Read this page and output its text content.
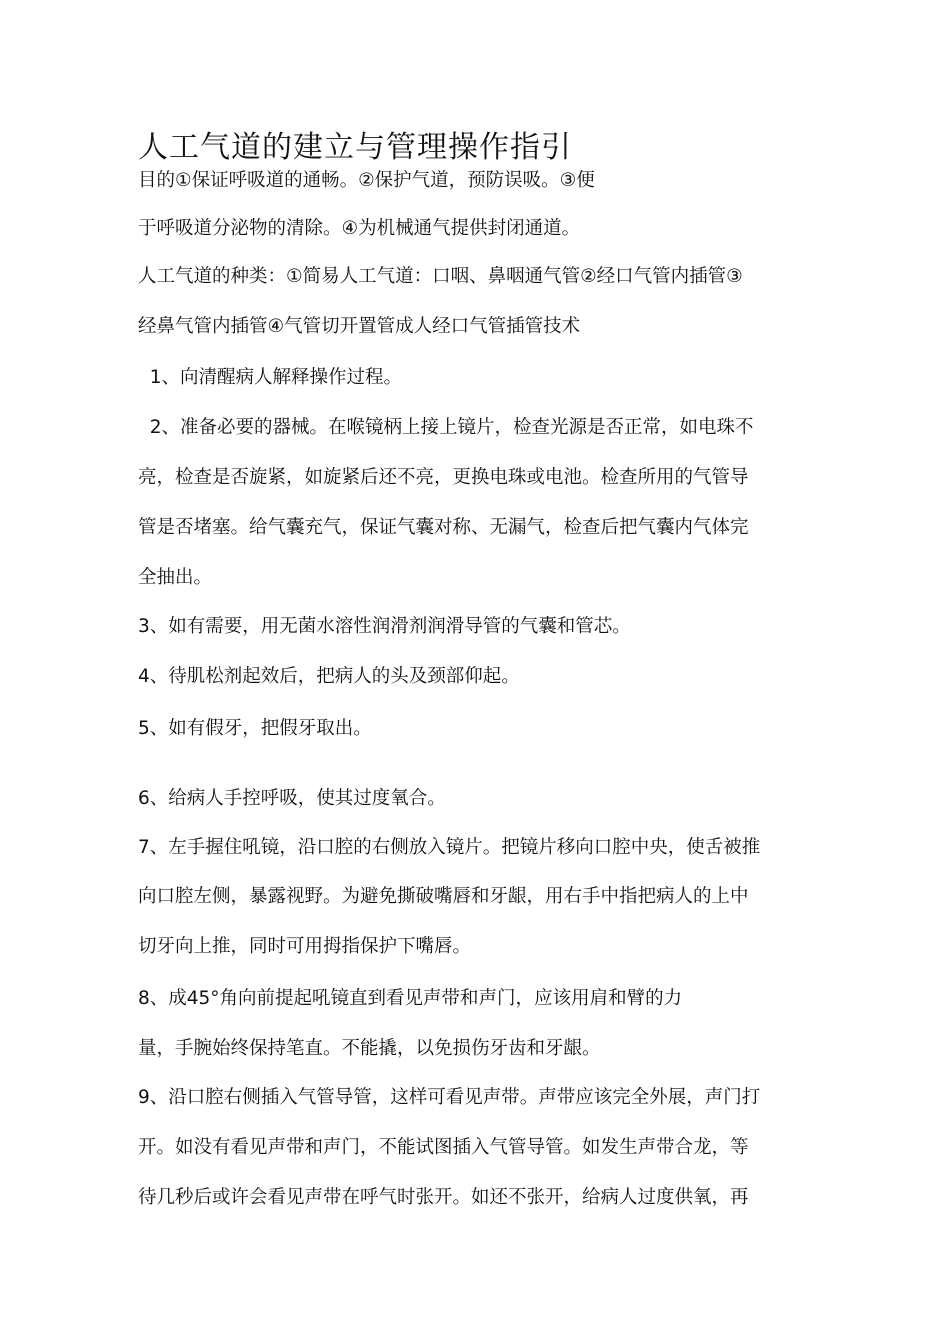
人工气道的建立与管理操作指引
目的①保证呼吸道的通畅。②保护气道，预防误吸。③便
于呼吸道分泌物的清除。④为机械通气提供封闭通道。
人工气道的种类：①简易人工气道：口咽、鼻咽通气管②经口气管内插管③
经鼻气管内插管④气管切开置管成人经口气管插管技术
1、向清醒病人解释操作过程。
2、准备必要的器械。在喉镜柄上接上镜片，检查光源是否正常，如电珠不
亮，检查是否旋紧，如旋紧后还不亮，更换电珠或电池。检查所用的气管导
管是否堵塞。给气囊充气，保证气囊对称、无漏气，检查后把气囊内气体完
全抽出。
3、如有需要，用无菌水溶性润滑剂润滑导管的气囊和管芯。
4、待肌松剂起效后，把病人的头及颈部仰起。
5、如有假牙，把假牙取出。
6、给病人手控呼吸，使其过度氧合。
7、左手握住吼镜，沿口腔的右侧放入镜片。把镜片移向口腔中央，使舌被推
向口腔左侧，暴露视野。为避免撕破嘴唇和牙龈，用右手中指把病人的上中
切牙向上推，同时可用拇指保护下嘴唇。
8、成45°角向前提起吼镜直到看见声带和声门，应该用肩和臂的力
量，手腕始终保持笔直。不能撬，以免损伤牙齿和牙龈。
9、沿口腔右侧插入气管导管，这样可看见声带。声带应该完全外展，声门打
开。如没有看见声带和声门，不能试图插入气管导管。如发生声带合龙，等
待几秒后或许会看见声带在呼气时张开。如还不张开，给病人过度供氧，再
